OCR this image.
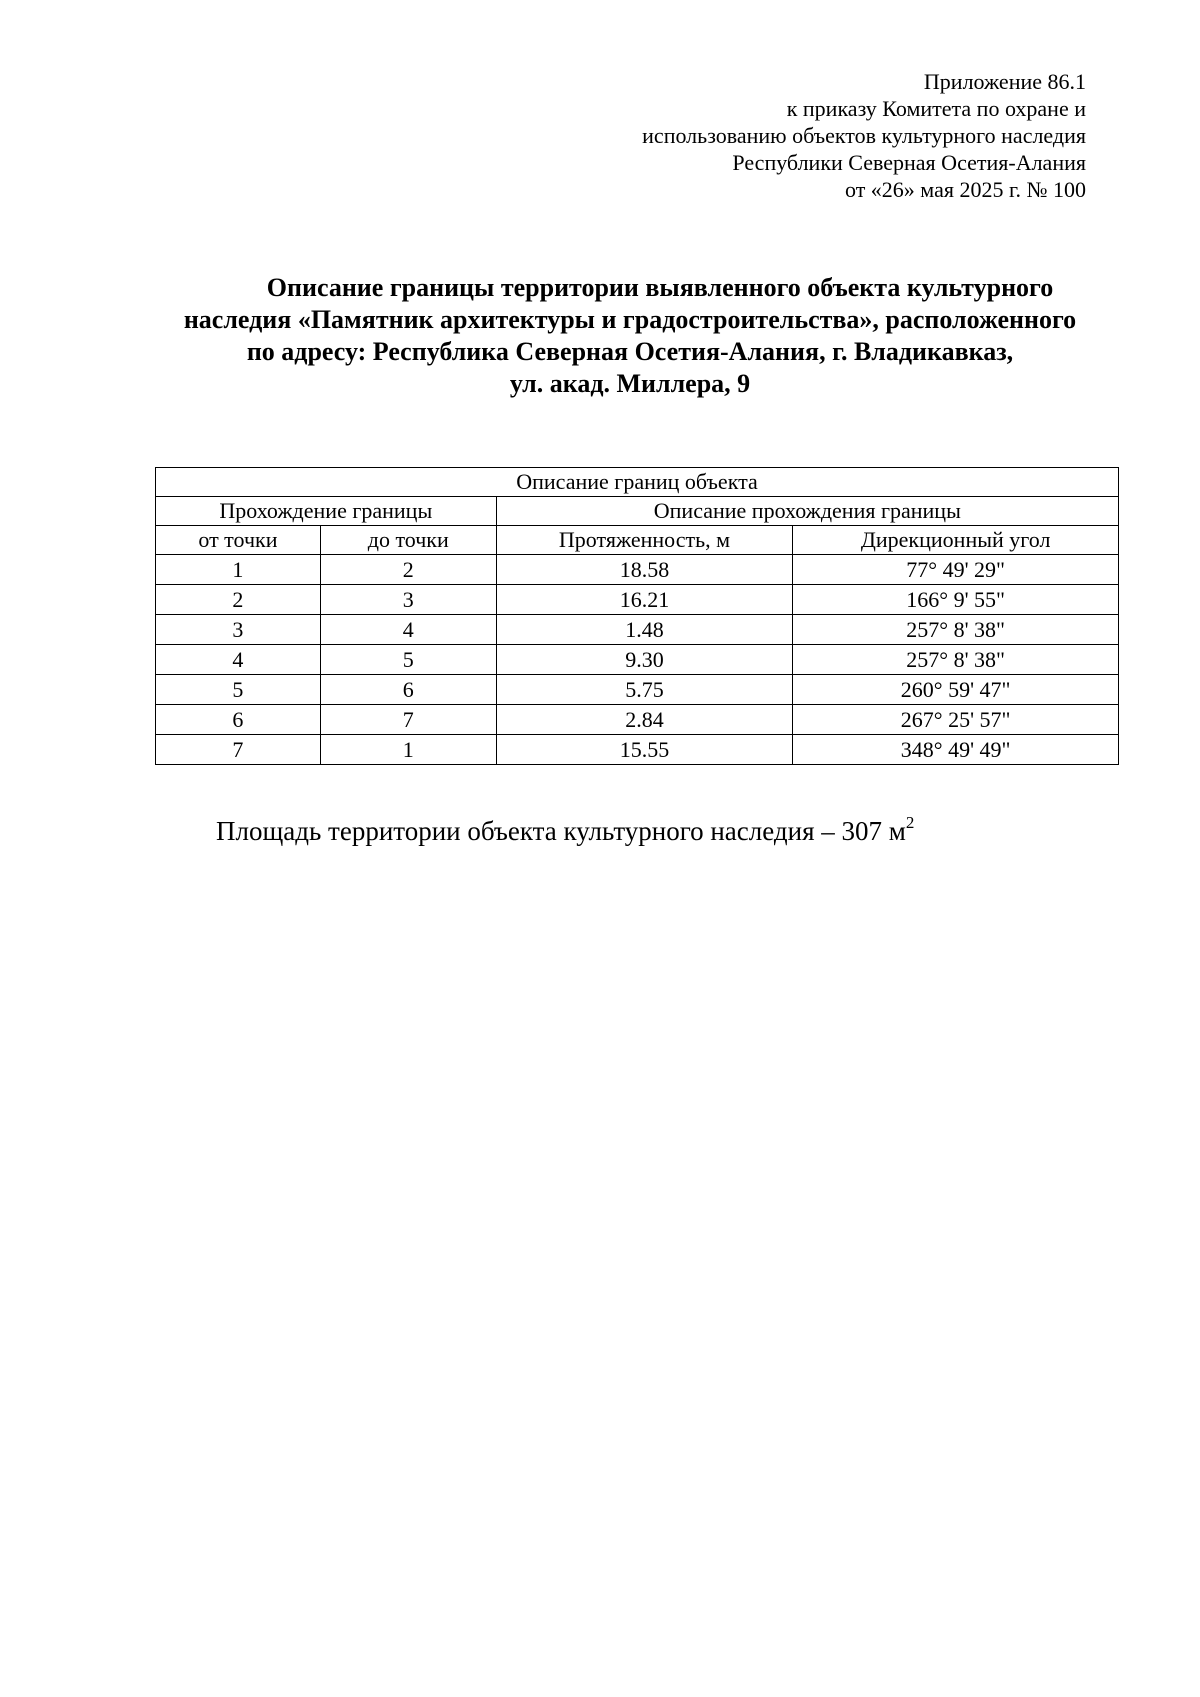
Приложение 86.1
к приказу Комитета по охране и
использованию объектов культурного наследия
Республики Северная Осетия-Алания
от «26» мая 2025 г. № 100
Описание границы территории выявленного объекта культурного
наследия «Памятник архитектуры и градостроительства», расположенного
по адресу: Республика Северная Осетия-Алания, г. Владикавказ,
ул. акад. Миллера, 9
Описание границ объекта			
Прохождение границы		Описание прохождения границы	
от точки	до точки	Протяженность, м	Дирекционный угол
1	2	18.58	77° 49' 29"
2	3	16.21	166° 9' 55"
3	4	1.48	257° 8' 38"
4	5	9.30	257° 8' 38"
5	6	5.75	260° 59' 47"
6	7	2.84	267° 25' 57"
7	1	15.55	348° 49' 49"
Площадь территории объекта культурного наследия – 307 $м^2$
